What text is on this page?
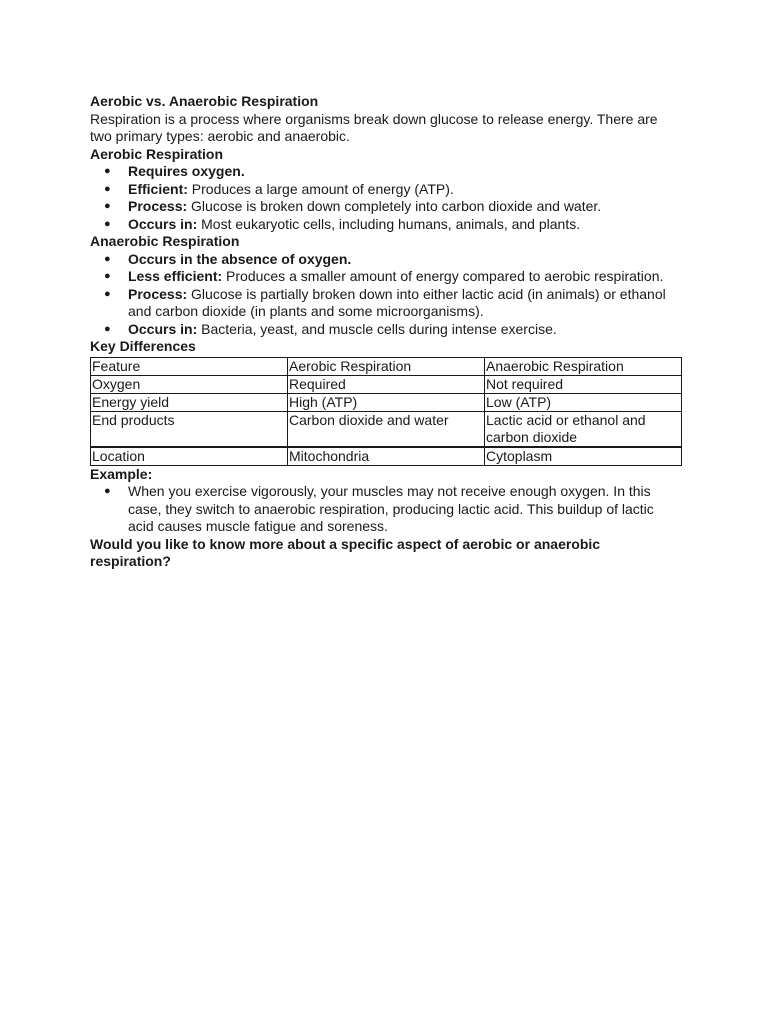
Aerobic vs. Anaerobic Respiration

Respiration is a process where organisms break down glucose to release energy. There are two primary types: aerobic and anaerobic.

Aerobic Respiration

● Requires oxygen.
● Efficient: Produces a large amount of energy (ATP).
● Process: Glucose is broken down completely into carbon dioxide and water.
● Occurs in: Most eukaryotic cells, including humans, animals, and plants.

Anaerobic Respiration

● Occurs in the absence of oxygen.
● Less efficient: Produces a smaller amount of energy compared to aerobic respiration.
● Process: Glucose is partially broken down into either lactic acid (in animals) or ethanol and carbon dioxide (in plants and some microorganisms).
● Occurs in: Bacteria, yeast, and muscle cells during intense exercise.

Key Differences

Feature	Aerobic Respiration	Anaerobic Respiration
Oxygen	Required	Not required
Energy yield	High (ATP)	Low (ATP)
End products	Carbon dioxide and water	Lactic acid or ethanol and carbon dioxide
Location	Mitochondria	Cytoplasm

Example:

● When you exercise vigorously, your muscles may not receive enough oxygen. In this case, they switch to anaerobic respiration, producing lactic acid. This buildup of lactic acid causes muscle fatigue and soreness.

Would you like to know more about a specific aspect of aerobic or anaerobic respiration?
